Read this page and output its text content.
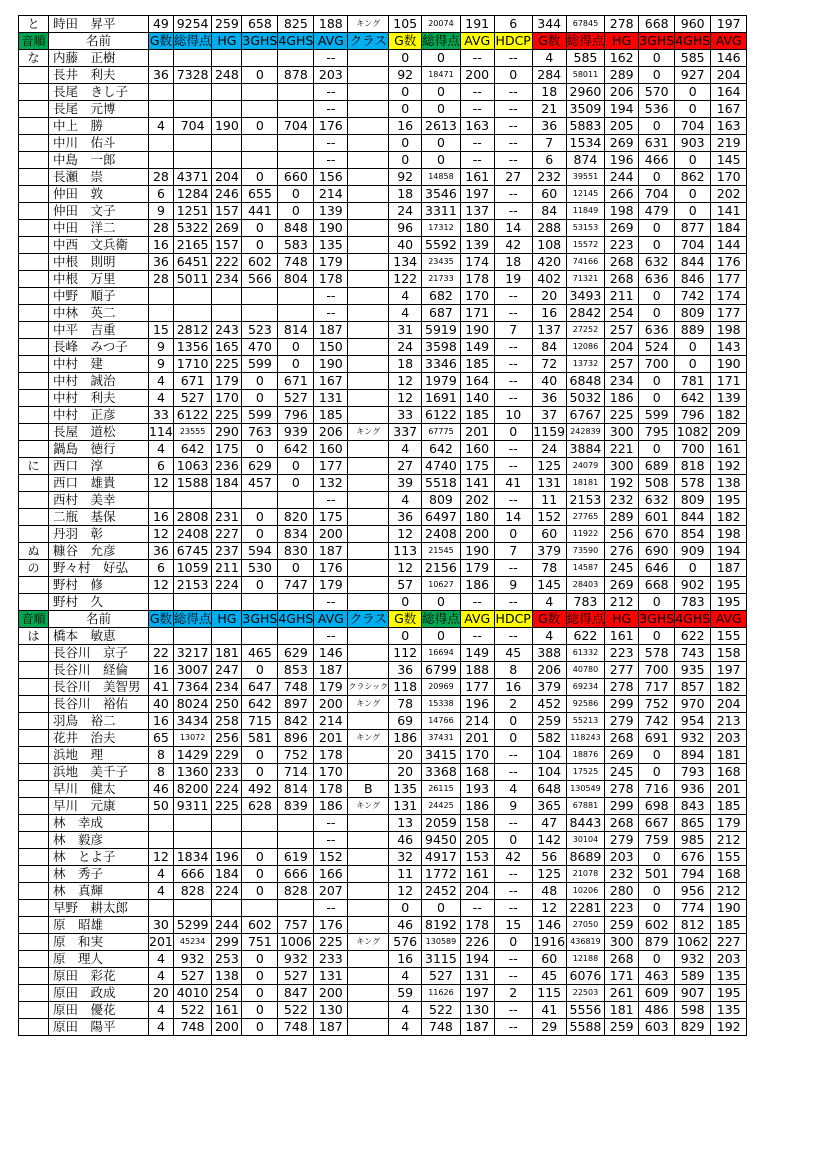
と	時田　昇平	49	9254	259	658	825	188	キング	105	20074	191	6	344	67845	278	668	960	197
音順	名前	G数	総得点	HG	3GHS	4GHS	AVG	クラス	G数	総得点	AVG	HDCP	G数	総得点	HG	3GHS	4GHS	AVG
な	内藤　正樹						--		0	0	--	--	4	585	162	0	585	146
	長井　利夫	36	7328	248	0	878	203		92	18471	200	0	284	58011	289	0	927	204
	長尾　きし子						--		0	0	--	--	18	2960	206	570	0	164
	長尾　元博						--		0	0	--	--	21	3509	194	536	0	167
	中上　勝	4	704	190	0	704	176		16	2613	163	--	36	5883	205	0	704	163
	中川　佑斗						--		0	0	--	--	7	1534	269	631	903	219
	中島　一郎						--		0	0	--	--	6	874	196	466	0	145
	長瀬　崇	28	4371	204	0	660	156		92	14858	161	27	232	39551	244	0	862	170
	仲田　敦	6	1284	246	655	0	214		18	3546	197	--	60	12145	266	704	0	202
	仲田　文子	9	1251	157	441	0	139		24	3311	137	--	84	11849	198	479	0	141
	中田　洋二	28	5322	269	0	848	190		96	17312	180	14	288	53153	269	0	877	184
	中西　文兵衛	16	2165	157	0	583	135		40	5592	139	42	108	15572	223	0	704	144
	中根　則明	36	6451	222	602	748	179		134	23435	174	18	420	74166	268	632	844	176
	中根　万里	28	5011	234	566	804	178		122	21733	178	19	402	71321	268	636	846	177
	中野　順子						--		4	682	170	--	20	3493	211	0	742	174
	中林　英二						--		4	687	171	--	16	2842	254	0	809	177
	中平　吉重	15	2812	243	523	814	187		31	5919	190	7	137	27252	257	636	889	198
	長峰　みつ子	9	1356	165	470	0	150		24	3598	149	--	84	12086	204	524	0	143
	中村　建	9	1710	225	599	0	190		18	3346	185	--	72	13732	257	700	0	190
	中村　誠治	4	671	179	0	671	167		12	1979	164	--	40	6848	234	0	781	171
	中村　利夫	4	527	170	0	527	131		12	1691	140	--	36	5032	186	0	642	139
	中村　正彦	33	6122	225	599	796	185		33	6122	185	10	37	6767	225	599	796	182
	長屋　道松	114	23555	290	763	939	206	キング	337	67775	201	0	1159	242839	300	795	1082	209
	鍋島　徳行	4	642	175	0	642	160		4	642	160	--	24	3884	221	0	700	161
に	西口　淳	6	1063	236	629	0	177		27	4740	175	--	125	24079	300	689	818	192
	西口　雄貴	12	1588	184	457	0	132		39	5518	141	41	131	18181	192	508	578	138
	西村　美幸						--		4	809	202	--	11	2153	232	632	809	195
	二瓶　基保	16	2808	231	0	820	175		36	6497	180	14	152	27765	289	601	844	182
	丹羽　彰	12	2408	227	0	834	200		12	2408	200	0	60	11922	256	670	854	198
ぬ	糠谷　允彦	36	6745	237	594	830	187		113	21545	190	7	379	73590	276	690	909	194
の	野々村　好弘	6	1059	211	530	0	176		12	2156	179	--	78	14587	245	646	0	187
	野村　修	12	2153	224	0	747	179		57	10627	186	9	145	28403	269	668	902	195
	野村　久						--		0	0	--	--	4	783	212	0	783	195
音順	名前	G数	総得点	HG	3GHS	4GHS	AVG	クラス	G数	総得点	AVG	HDCP	G数	総得点	HG	3GHS	4GHS	AVG
は	橋本　敏恵						--		0	0	--	--	4	622	161	0	622	155
	長谷川　京子	22	3217	181	465	629	146		112	16694	149	45	388	61332	223	578	743	158
	長谷川　経倫	16	3007	247	0	853	187		36	6799	188	8	206	40780	277	700	935	197
	長谷川　美智男	41	7364	234	647	748	179	クラシック	118	20969	177	16	379	69234	278	717	857	182
	長谷川　裕佑	40	8024	250	642	897	200	キング	78	15338	196	2	452	92586	299	752	970	204
	羽鳥　裕二	16	3434	258	715	842	214		69	14766	214	0	259	55213	279	742	954	213
	花井　治夫	65	13072	256	581	896	201	キング	186	37431	201	0	582	118243	268	691	932	203
	浜地　理	8	1429	229	0	752	178		20	3415	170	--	104	18876	269	0	894	181
	浜地　美千子	8	1360	233	0	714	170		20	3368	168	--	104	17525	245	0	793	168
	早川　健太	46	8200	224	492	814	178	B	135	26115	193	4	648	130549	278	716	936	201
	早川　元康	50	9311	225	628	839	186	キング	131	24425	186	9	365	67881	299	698	843	185
	林　幸成						--		13	2059	158	--	47	8443	268	667	865	179
	林　毅彦						--		46	9450	205	0	142	30104	279	759	985	212
	林　とよ子	12	1834	196	0	619	152		32	4917	153	42	56	8689	203	0	676	155
	林　秀子	4	666	184	0	666	166		11	1772	161	--	125	21078	232	501	794	168
	林　真輝	4	828	224	0	828	207		12	2452	204	--	48	10206	280	0	956	212
	早野　耕太郎						--		0	0	--	--	12	2281	223	0	774	190
	原　昭雄	30	5299	244	602	757	176		46	8192	178	15	146	27050	259	602	812	185
	原　和実	201	45234	299	751	1006	225	キング	576	130589	226	0	1916	436819	300	879	1062	227
	原　理人	4	932	253	0	932	233		16	3115	194	--	60	12188	268	0	932	203
	原田　彩花	4	527	138	0	527	131		4	527	131	--	45	6076	171	463	589	135
	原田　政成	20	4010	254	0	847	200		59	11626	197	2	115	22503	261	609	907	195
	原田　優花	4	522	161	0	522	130		4	522	130	--	41	5556	181	486	598	135
	原田　陽平	4	748	200	0	748	187		4	748	187	--	29	5588	259	603	829	192
